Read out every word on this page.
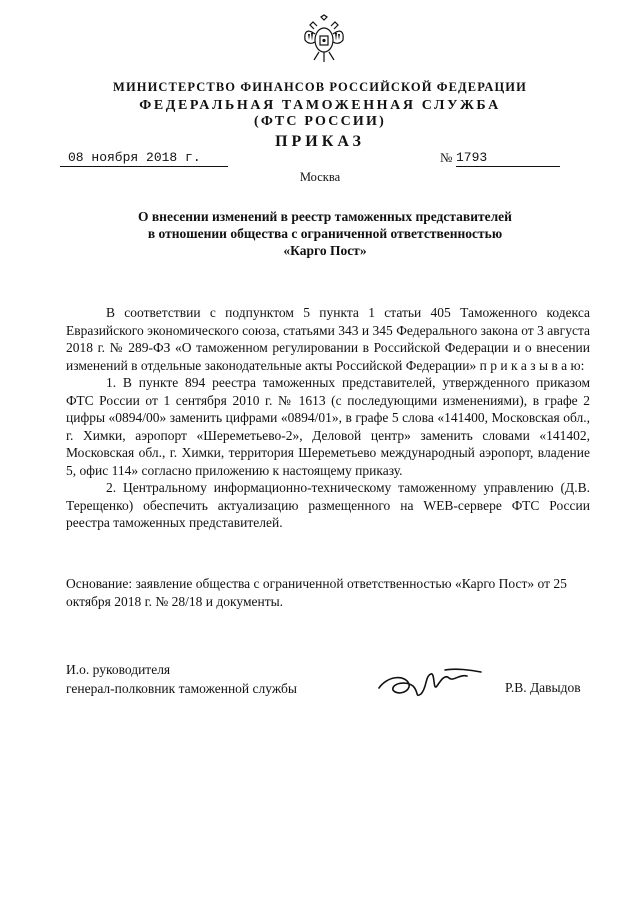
МИНИСТЕРСТВО ФИНАНСОВ РОССИЙСКОЙ ФЕДЕРАЦИИ
ФЕДЕРАЛЬНАЯ ТАМОЖЕННАЯ СЛУЖБА
(ФТС РОССИИ)
ПРИКАЗ
08 ноября 2018 г.	№ 1793
Москва
О внесении изменений в реестр таможенных представителей
в отношении общества с ограниченной ответственностью
«Карго Пост»

В соответствии с подпунктом 5 пункта 1 статьи 405 Таможенного кодекса Евразийского экономического союза, статьями 343 и 345 Федерального закона от 3 августа 2018 г. № 289-ФЗ «О таможенном регулировании в Российской Федерации и о внесении изменений в отдельные законодательные акты Российской Федерации» п р и к а з ы в а ю:

1. В пункте 894 реестра таможенных представителей, утвержденного приказом ФТС России от 1 сентября 2010 г. № 1613 (с последующими изменениями), в графе 2 цифры «0894/00» заменить цифрами «0894/01», в графе 5 слова «141400, Московская обл., г. Химки, аэропорт «Шереметьево-2», Деловой центр» заменить словами «141402, Московская обл., г. Химки, территория Шереметьево международный аэропорт, владение 5, офис 114» согласно приложению к настоящему приказу.

2. Центральному информационно-техническому таможенному управлению (Д.В. Терещенко) обеспечить актуализацию размещенного на WEB-сервере ФТС России реестра таможенных представителей.

Основание: заявление общества с ограниченной ответственностью «Карго Пост» от 25 октября 2018 г. № 28/18 и документы.
И.о. руководителя
генерал-полковник таможенной службы	Р.В. Давыдов
